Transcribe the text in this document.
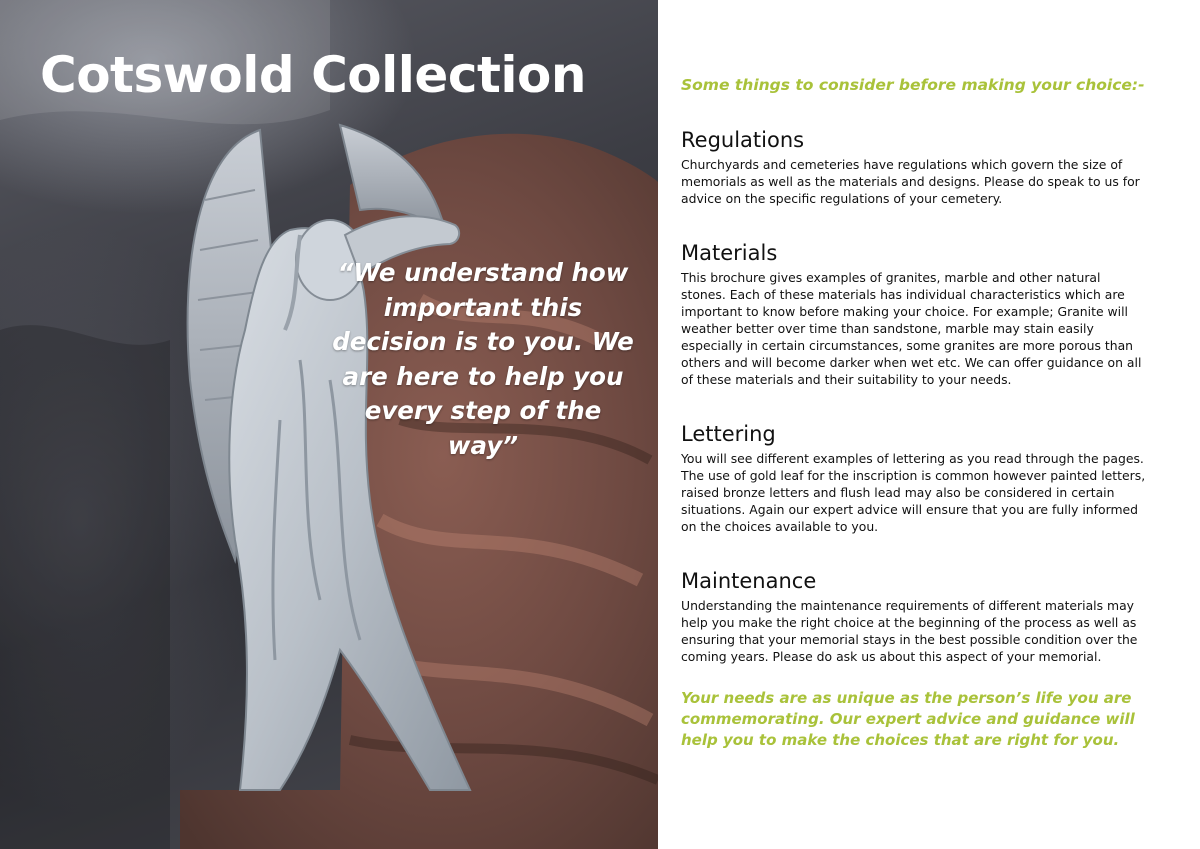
Cotswold Collection

“We understand how important this decision is to you. We are here to help you every step of the way”

Some things to consider before making your choice:-

Regulations

Churchyards and cemeteries have regulations which govern the size of memorials as well as the materials and designs. Please do speak to us for advice on the specific regulations of your cemetery.

Materials

This brochure gives examples of granites, marble and other natural stones. Each of these materials has individual characteristics which are important to know before making your choice. For example; Granite will weather better over time than sandstone, marble may stain easily especially in certain circumstances, some granites are more porous than others and will become darker when wet etc. We can offer guidance on all of these materials and their suitability to your needs.

Lettering

You will see different examples of lettering as you read through the pages. The use of gold leaf for the inscription is common however painted letters, raised bronze letters and flush lead may also be considered in certain situations. Again our expert advice will ensure that you are fully informed on the choices available to you.

Maintenance

Understanding the maintenance requirements of different materials may help you make the right choice at the beginning of the process as well as ensuring that your memorial stays in the best possible condition over the coming years. Please do ask us about this aspect of your memorial.

Your needs are as unique as the person’s life you are commemorating. Our expert advice and guidance will help you to make the choices that are right for you.
